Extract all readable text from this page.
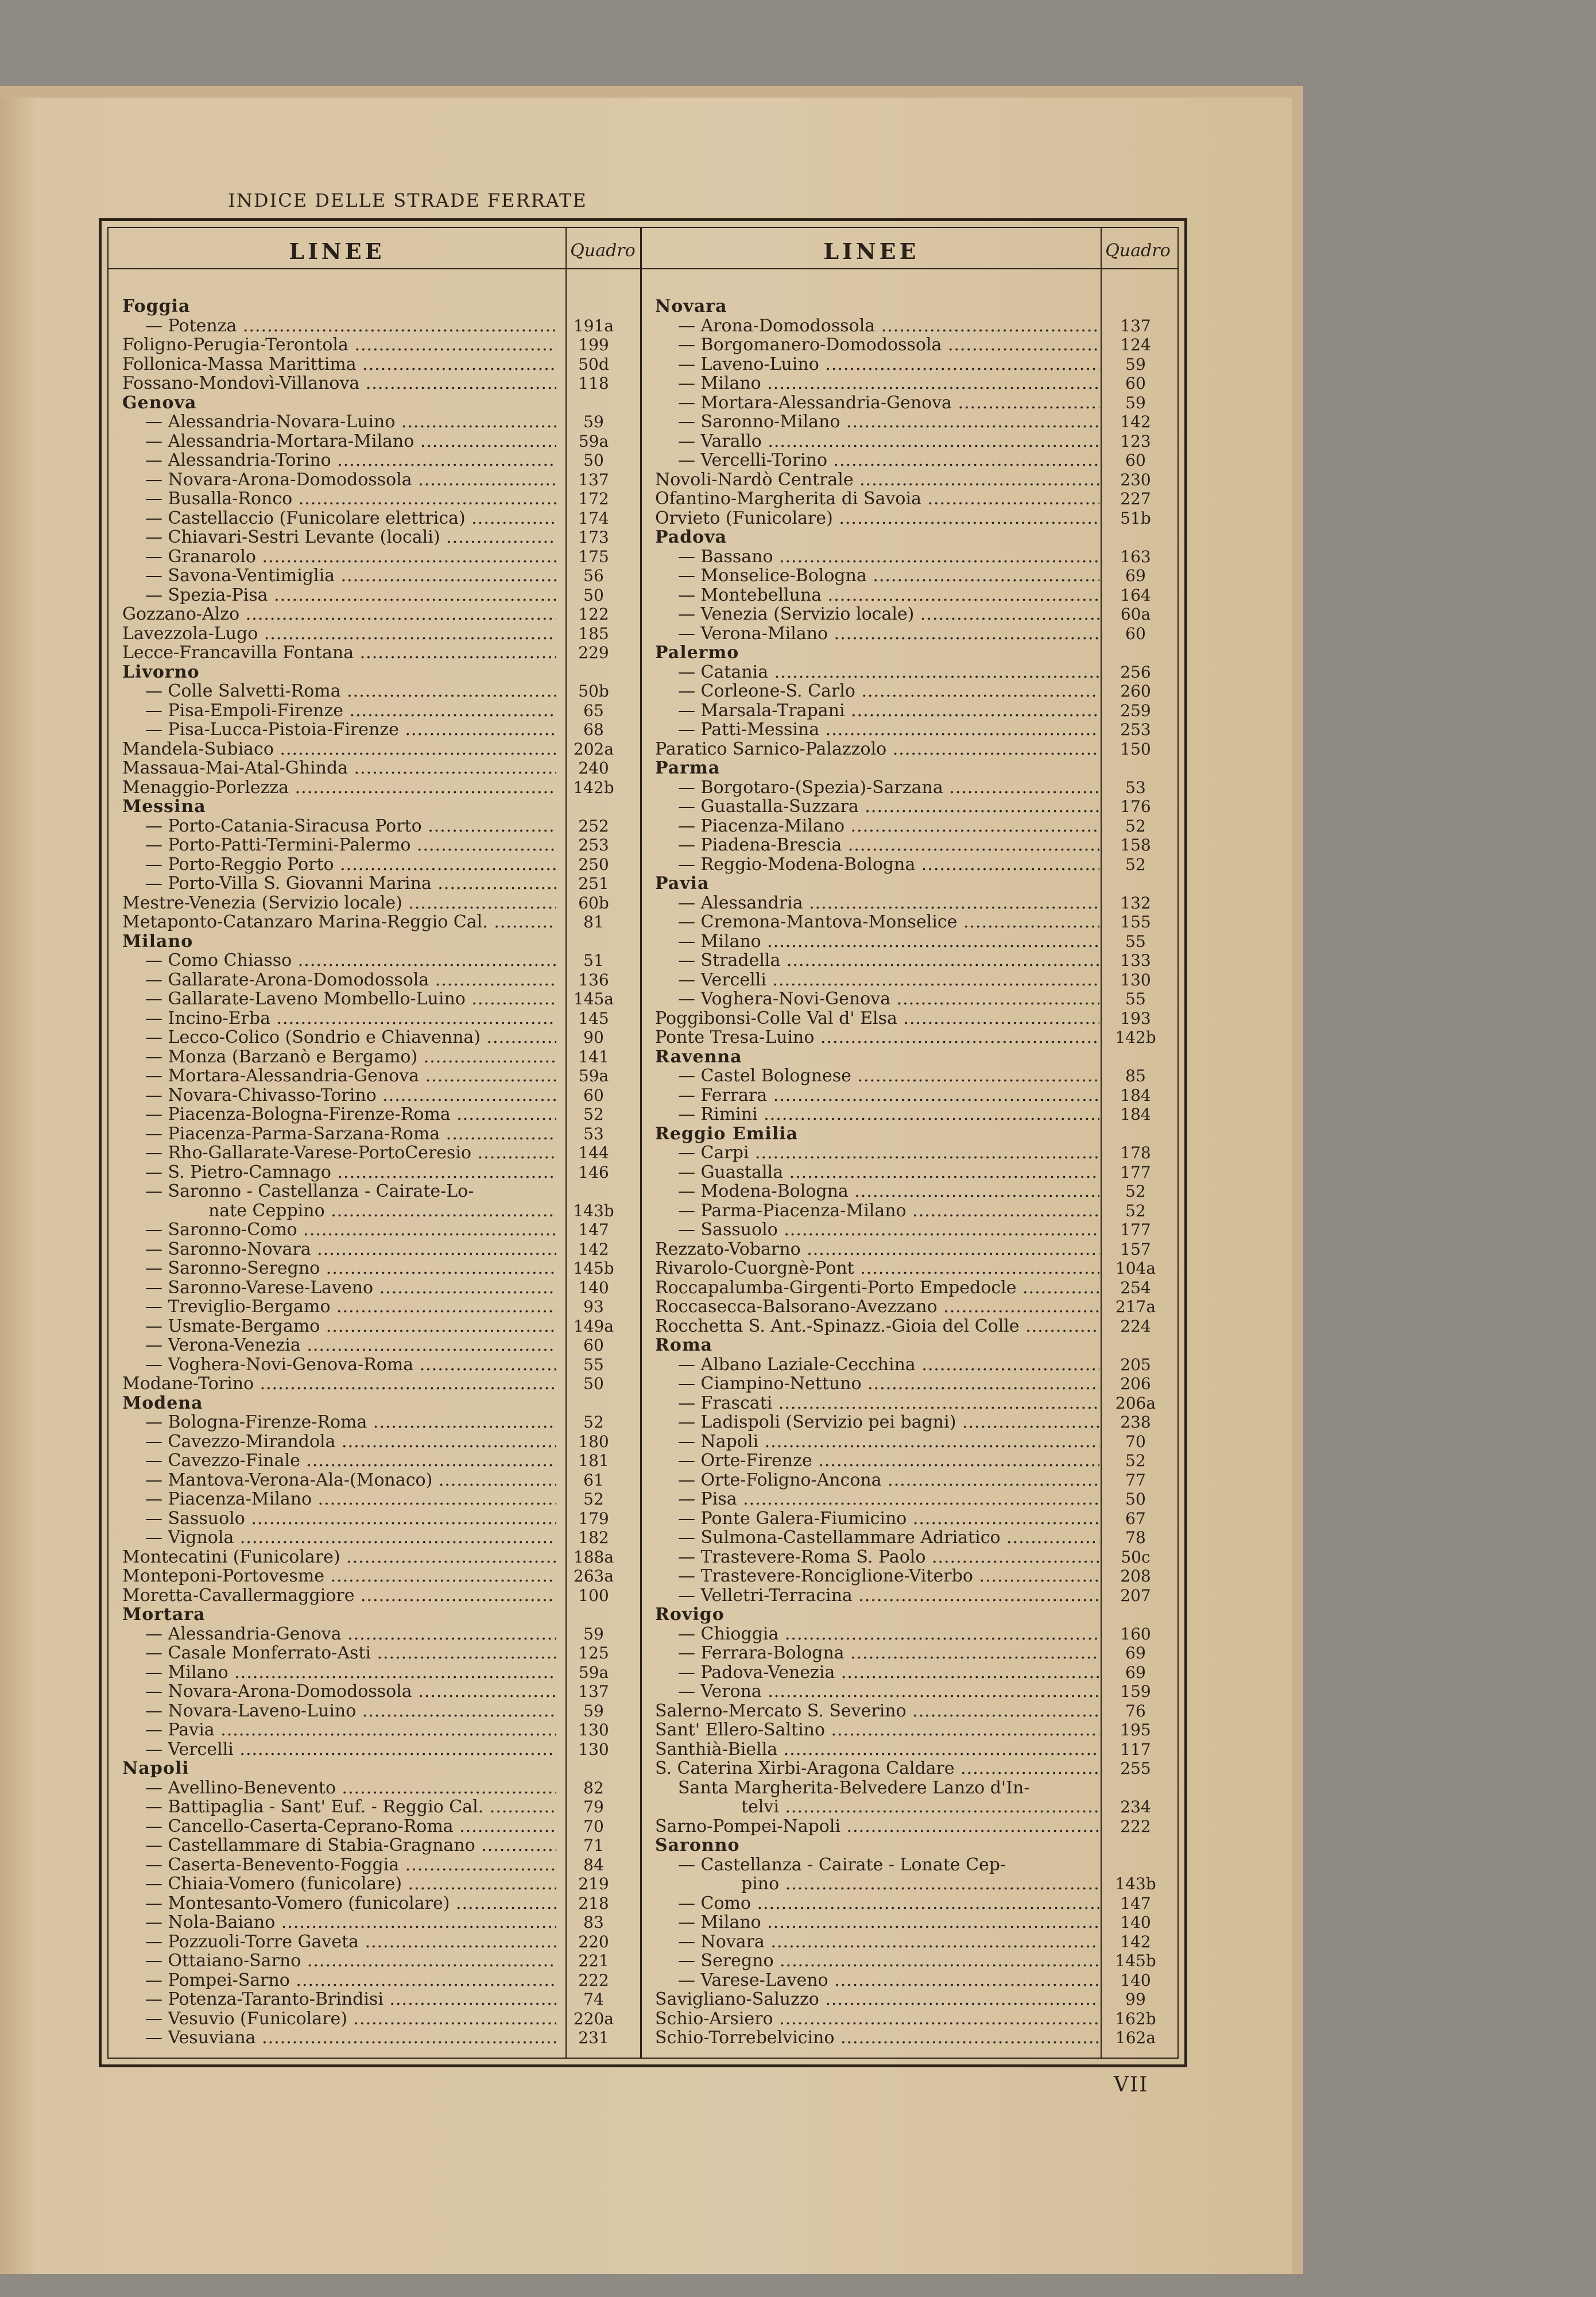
INDICE DELLE STRADE FERRATE
LINEE	Quadro	LINEE	Quadro
Foggia
— Potenza .....	191a
Foligno-Perugia-Terontola .....	199
Follonica-Massa Marittima .....	50d
Fossano-Mondovì-Villanova .....	118
Genova
— Alessandria-Novara-Luino .....	59
— Alessandria-Mortara-Milano .....	59a
— Alessandria-Torino .....	50
— Novara-Arona-Domodossola .....	137
— Busalla-Ronco .....	172
— Castellaccio (Funicolare elettrica) .....	174
— Chiavari-Sestri Levante (locali) .....	173
— Granarolo .....	175
— Savona-Ventimiglia .....	56
— Spezia-Pisa .....	50
Gozzano-Alzo .....	122
Lavezzola-Lugo .....	185
Lecce-Francavilla Fontana .....	229
Livorno
— Colle Salvetti-Roma .....	50b
— Pisa-Empoli-Firenze .....	65
— Pisa-Lucca-Pistoia-Firenze .....	68
Mandela-Subiaco .....	202a
Massaua-Mai-Atal-Ghinda .....	240
Menaggio-Porlezza .....	142b
Messina
— Porto-Catania-Siracusa Porto .....	252
— Porto-Patti-Termini-Palermo .....	253
— Porto-Reggio Porto .....	250
— Porto-Villa S. Giovanni Marina .....	251
Mestre-Venezia (Servizio locale) .....	60b
Metaponto-Catanzaro Marina-Reggio Cal. .....	81
Milano
— Como Chiasso .....	51
— Gallarate-Arona-Domodossola .....	136
— Gallarate-Laveno Mombello-Luino .....	145a
— Incino-Erba .....	145
— Lecco-Colico (Sondrio e Chiavenna) .....	90
— Monza (Barzanò e Bergamo) .....	141
— Mortara-Alessandria-Genova .....	59a
— Novara-Chivasso-Torino .....	60
— Piacenza-Bologna-Firenze-Roma .....	52
— Piacenza-Parma-Sarzana-Roma .....	53
— Rho-Gallarate-Varese-PortoCeresio .....	144
— S. Pietro-Camnago .....	146
— Saronno - Castellanza - Cairate-Lo-
nate Ceppino .....	143b
— Saronno-Como .....	147
— Saronno-Novara .....	142
— Saronno-Seregno .....	145b
— Saronno-Varese-Laveno .....	140
— Treviglio-Bergamo .....	93
— Usmate-Bergamo .....	149a
— Verona-Venezia .....	60
— Voghera-Novi-Genova-Roma .....	55
Modane-Torino .....	50
Modena
— Bologna-Firenze-Roma .....	52
— Cavezzo-Mirandola .....	180
— Cavezzo-Finale .....	181
— Mantova-Verona-Ala-(Monaco) .....	61
— Piacenza-Milano .....	52
— Sassuolo .....	179
— Vignola .....	182
Montecatini (Funicolare) .....	188a
Monteponi-Portovesme .....	263a
Moretta-Cavallermaggiore .....	100
Mortara
— Alessandria-Genova .....	59
— Casale Monferrato-Asti .....	125
— Milano .....	59a
— Novara-Arona-Domodossola .....	137
— Novara-Laveno-Luino .....	59
— Pavia .....	130
— Vercelli .....	130
Napoli
— Avellino-Benevento .....	82
— Battipaglia - Sant' Euf. - Reggio Cal. .....	79
— Cancello-Caserta-Ceprano-Roma .....	70
— Castellammare di Stabia-Gragnano .....	71
— Caserta-Benevento-Foggia .....	84
— Chiaia-Vomero (funicolare) .....	219
— Montesanto-Vomero (funicolare) .....	218
— Nola-Baiano .....	83
— Pozzuoli-Torre Gaveta .....	220
— Ottaiano-Sarno .....	221
— Pompei-Sarno .....	222
— Potenza-Taranto-Brindisi .....	74
— Vesuvio (Funicolare) .....	220a
— Vesuviana .....	231
Novara
— Arona-Domodossola .....	137
— Borgomanero-Domodossola .....	124
— Laveno-Luino .....	59
— Milano .....	60
— Mortara-Alessandria-Genova .....	59
— Saronno-Milano .....	142
— Varallo .....	123
— Vercelli-Torino .....	60
Novoli-Nardò Centrale .....	230
Ofantino-Margherita di Savoia .....	227
Orvieto (Funicolare) .....	51b
Padova
— Bassano .....	163
— Monselice-Bologna .....	69
— Montebelluna .....	164
— Venezia (Servizio locale) .....	60a
— Verona-Milano .....	60
Palermo
— Catania .....	256
— Corleone-S. Carlo .....	260
— Marsala-Trapani .....	259
— Patti-Messina .....	253
Paratico Sarnico-Palazzolo .....	150
Parma
— Borgotaro-(Spezia)-Sarzana .....	53
— Guastalla-Suzzara .....	176
— Piacenza-Milano .....	52
— Piadena-Brescia .....	158
— Reggio-Modena-Bologna .....	52
Pavia
— Alessandria .....	132
— Cremona-Mantova-Monselice .....	155
— Milano .....	55
— Stradella .....	133
— Vercelli .....	130
— Voghera-Novi-Genova .....	55
Poggibonsi-Colle Val d' Elsa .....	193
Ponte Tresa-Luino .....	142b
Ravenna
— Castel Bolognese .....	85
— Ferrara .....	184
— Rimini .....	184
Reggio Emilia
— Carpi .....	178
— Guastalla .....	177
— Modena-Bologna .....	52
— Parma-Piacenza-Milano .....	52
— Sassuolo .....	177
Rezzato-Vobarno .....	157
Rivarolo-Cuorgnè-Pont .....	104a
Roccapalumba-Girgenti-Porto Empedocle .....	254
Roccasecca-Balsorano-Avezzano .....	217a
Rocchetta S. Ant.-Spinazz.-Gioia del Colle .....	224
Roma
— Albano Laziale-Cecchina .....	205
— Ciampino-Nettuno .....	206
— Frascati .....	206a
— Ladispoli (Servizio pei bagni) .....	238
— Napoli .....	70
— Orte-Firenze .....	52
— Orte-Foligno-Ancona .....	77
— Pisa .....	50
— Ponte Galera-Fiumicino .....	67
— Sulmona-Castellammare Adriatico .....	78
— Trastevere-Roma S. Paolo .....	50c
— Trastevere-Ronciglione-Viterbo .....	208
— Velletri-Terracina .....	207
Rovigo
— Chioggia .....	160
— Ferrara-Bologna .....	69
— Padova-Venezia .....	69
— Verona .....	159
Salerno-Mercato S. Severino .....	76
Sant' Ellero-Saltino .....	195
Santhià-Biella .....	117
S. Caterina Xirbi-Aragona Caldare .....	255
Santa Margherita-Belvedere Lanzo d'In-
telvi .....	234
Sarno-Pompei-Napoli .....	222
Saronno
— Castellanza - Cairate - Lonate Cep-
pino .....	143b
— Como .....	147
— Milano .....	140
— Novara .....	142
— Seregno .....	145b
— Varese-Laveno .....	140
Savigliano-Saluzzo .....	99
Schio-Arsiero .....	162b
Schio-Torrebelvicino .....	162a
VII
